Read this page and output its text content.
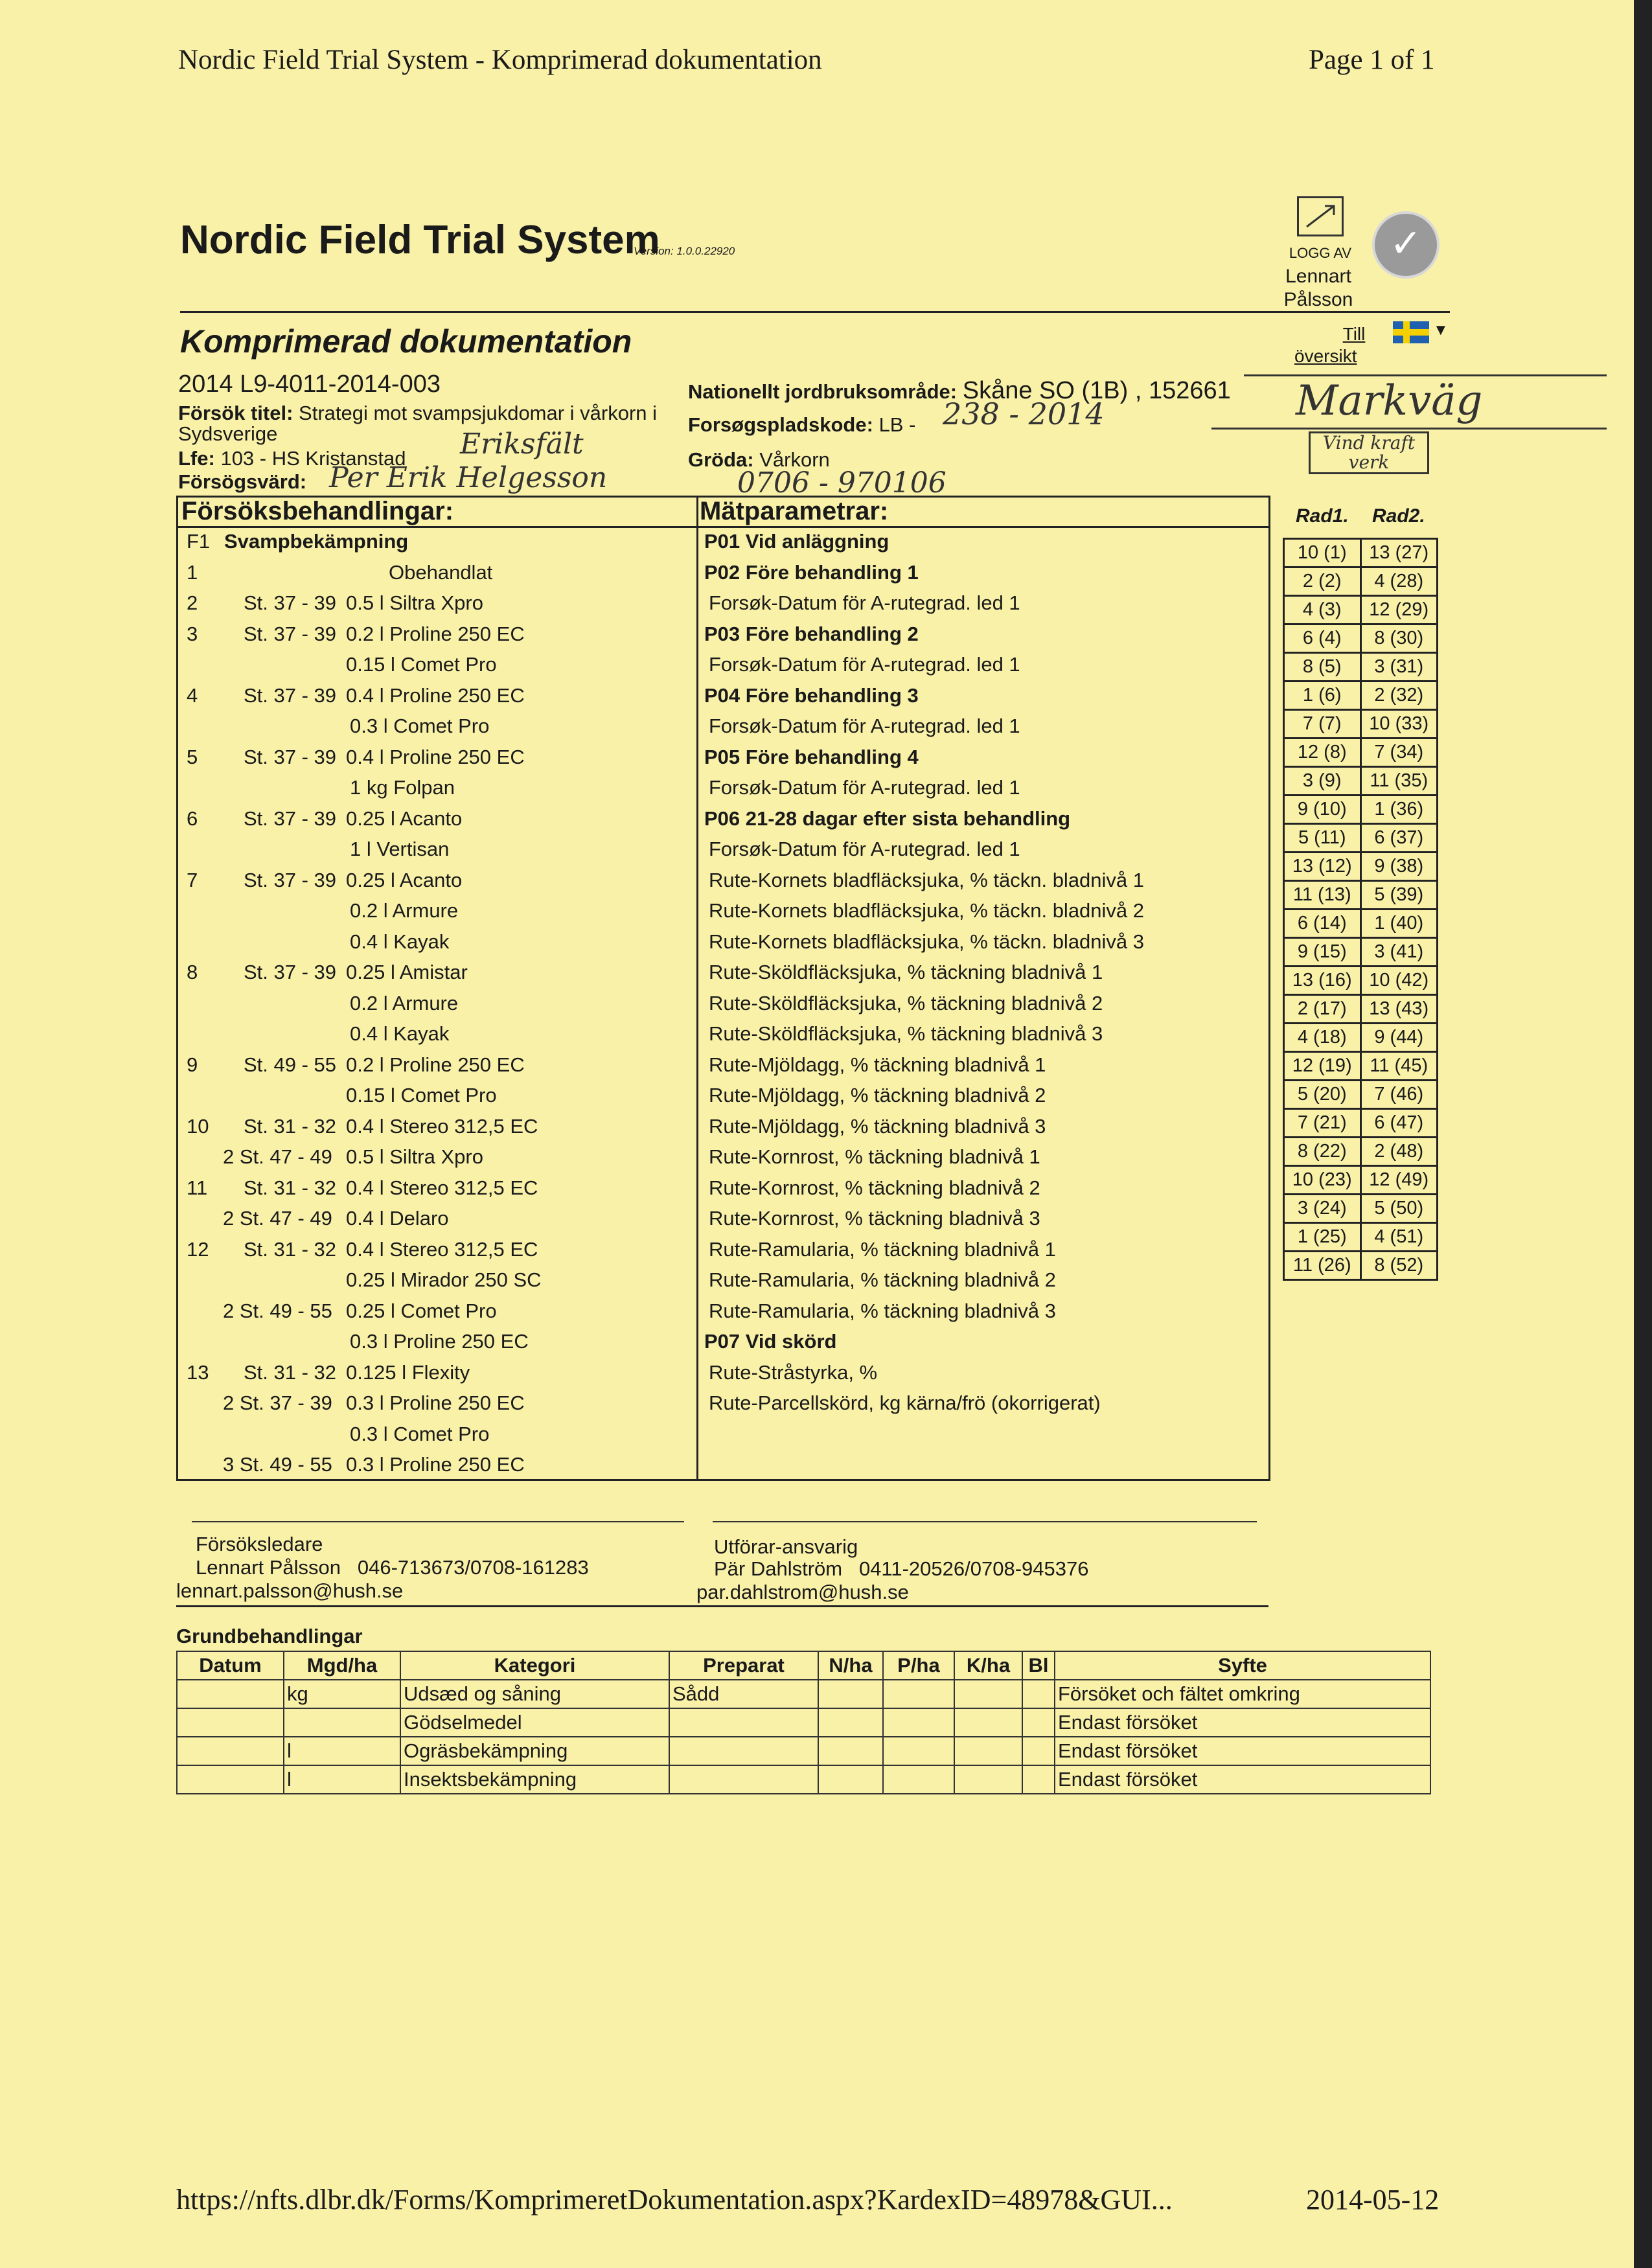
Nordic Field Trial System - Komprimerad dokumentation	Page 1 of 1
Nordic Field Trial System
Version: 1.0.0.22920	LOGG AV
Lennart
Pålsson
✓
Till
översikt
▼
Komprimerad dokumentation
2014 L9-4011-2014-003
Försök titel: Strategi mot svampsjukdomar i vårkorn i
Sydsverige
Lfe: 103 - HS Kristanstad Eriksfält
Försögsvärd: Per Erik Helgesson
Nationellt jordbruksområde: Skåne SO (1B) , 152661
Forsøgspladskode: LB - 238 - 2014
Gröda: Vårkorn
0706 - 970106
Markväg
Vind kraft verk
Försöksbehandlingar:
F1 Svampbekämpning
1	Obehandlat
2 St. 37 - 39 0.5 l Siltra Xpro
3 St. 37 - 39 0.2 l Proline 250 EC
0.15 l Comet Pro
4 St. 37 - 39 0.4 l Proline 250 EC
0.3 l Comet Pro
5 St. 37 - 39 0.4 l Proline 250 EC
1 kg Folpan
6 St. 37 - 39 0.25 l Acanto
1 l Vertisan
7 St. 37 - 39 0.25 l Acanto
0.2 l Armure
0.4 l Kayak
8 St. 37 - 39 0.25 l Amistar
0.2 l Armure
0.4 l Kayak
9 St. 49 - 55 0.2 l Proline 250 EC
0.15 l Comet Pro
10 St. 31 - 32 0.4 l Stereo 312,5 EC
2 St. 47 - 49 0.5 l Siltra Xpro
11 St. 31 - 32 0.4 l Stereo 312,5 EC
2 St. 47 - 49 0.4 l Delaro
12 St. 31 - 32 0.4 l Stereo 312,5 EC
0.25 l Mirador 250 SC
2 St. 49 - 55 0.25 l Comet Pro
0.3 l Proline 250 EC
13 St. 31 - 32 0.125 l Flexity
2 St. 37 - 39 0.3 l Proline 250 EC
0.3 l Comet Pro
3 St. 49 - 55 0.3 l Proline 250 EC
Mätparametrar:
P01 Vid anläggning
P02 Före behandling 1
Forsøk-Datum för A-rutegrad. led 1
P03 Före behandling 2
Forsøk-Datum för A-rutegrad. led 1
P04 Före behandling 3
Forsøk-Datum för A-rutegrad. led 1
P05 Före behandling 4
Forsøk-Datum för A-rutegrad. led 1
P06 21-28 dagar efter sista behandling
Forsøk-Datum för A-rutegrad. led 1
Rute-Kornets bladfläcksjuka, % täckn. bladnivå 1
Rute-Kornets bladfläcksjuka, % täckn. bladnivå 2
Rute-Kornets bladfläcksjuka, % täckn. bladnivå 3
Rute-Sköldfläcksjuka, % täckning bladnivå 1
Rute-Sköldfläcksjuka, % täckning bladnivå 2
Rute-Sköldfläcksjuka, % täckning bladnivå 3
Rute-Mjöldagg, % täckning bladnivå 1
Rute-Mjöldagg, % täckning bladnivå 2
Rute-Mjöldagg, % täckning bladnivå 3
Rute-Kornrost, % täckning bladnivå 1
Rute-Kornrost, % täckning bladnivå 2
Rute-Kornrost, % täckning bladnivå 3
Rute-Ramularia, % täckning bladnivå 1
Rute-Ramularia, % täckning bladnivå 2
Rute-Ramularia, % täckning bladnivå 3
P07 Vid skörd
Rute-Stråstyrka, %
Rute-Parcellskörd, kg kärna/frö (okorrigerat)
Försöksledare
Lennart Pålsson   046-713673/0708-161283
lennart.palsson@hush.se
Utförar-ansvarig
Pär Dahlström   0411-20526/0708-945376
par.dahlstrom@hush.se
Rad1. Rad2.
10 (1)	13 (27)
2 (2)	4 (28)
4 (3)	12 (29)
6 (4)	8 (30)
8 (5)	3 (31)
1 (6)	2 (32)
7 (7)	10 (33)
12 (8)	7 (34)
3 (9)	11 (35)
9 (10)	1 (36)
5 (11)	6 (37)
13 (12)	9 (38)
11 (13)	5 (39)
6 (14)	1 (40)
9 (15)	3 (41)
13 (16)	10 (42)
2 (17)	13 (43)
4 (18)	9 (44)
12 (19)	11 (45)
5 (20)	7 (46)
7 (21)	6 (47)
8 (22)	2 (48)
10 (23)	12 (49)
3 (24)	5 (50)
1 (25)	4 (51)
11 (26)	8 (52)
Grundbehandlingar
Datum	Mgd/ha	Kategori	Preparat	N/ha	P/ha	K/ha	Bl	Syfte
	kg	Udsæd og såning	Sådd					Försöket och fältet omkring
		Gödselmedel						Endast försöket
	l	Ogräsbekämpning						Endast försöket
	l	Insektsbekämpning						Endast försöket
https://nfts.dlbr.dk/Forms/KomprimeretDokumentation.aspx?KardexID=48978&GUI...	2014-05-12
